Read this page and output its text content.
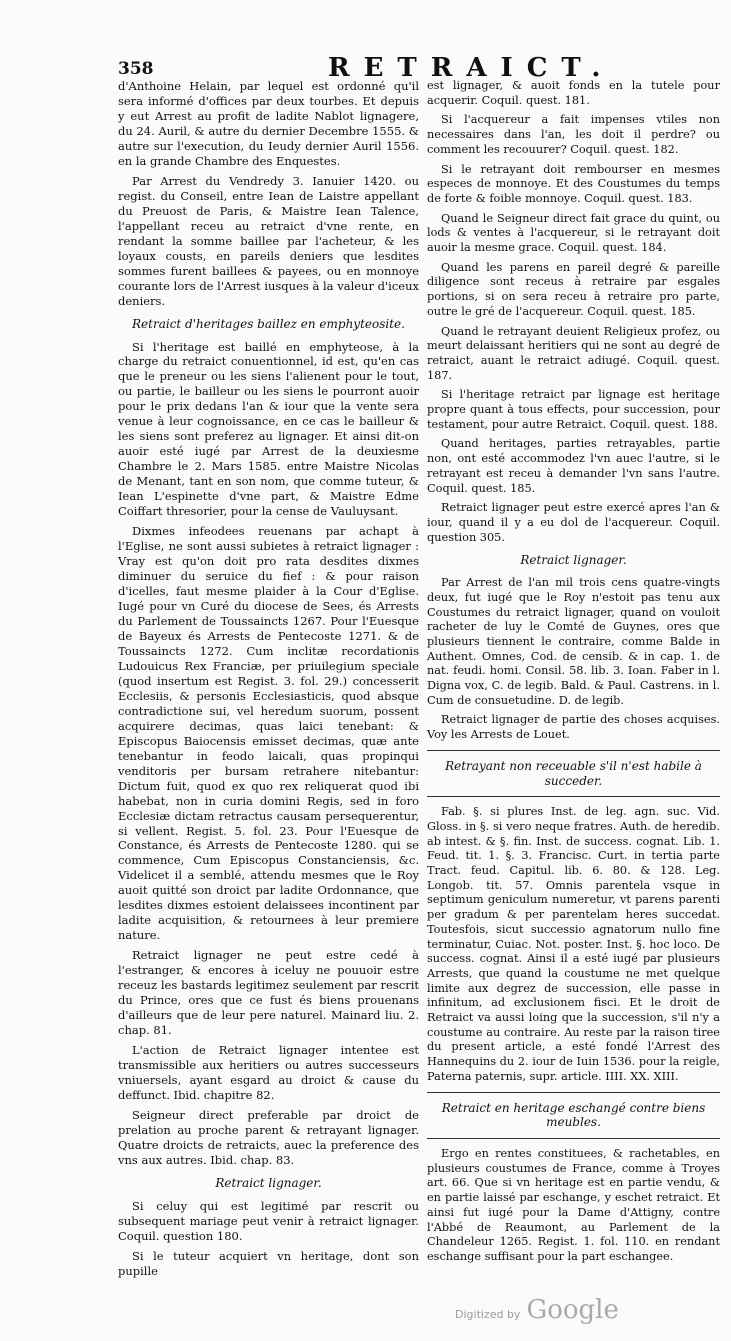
358	RETRAICT.

d'Anthoine Helain, par lequel est ordonné qu'il sera informé d'offices par deux tourbes. Et depuis y eut Arrest au profit de ladite Nablot lignagere, du 24. Auril, & autre du dernier Decembre 1555. & autre sur l'execution, du Ieudy dernier Auril 1556. en la grande Chambre des Enquestes.

Par Arrest du Vendredy 3. Ianuier 1420. ou regist. du Conseil, entre Iean de Laistre appellant du Preuost de Paris, & Maistre Iean Talence, l'appellant receu au retraict d'vne rente, en rendant la somme baillee par l'acheteur, & les loyaux cousts, en pareils deniers que lesdites sommes furent baillees & payees, ou en monnoye courante lors de l'Arrest iusques à la valeur d'iceux deniers.

Retraict d'heritages baillez en emphyteosite.

Si l'heritage est baillé en emphyteose, à la charge du retraict conuentionnel, id est, qu'en cas que le preneur ou les siens l'alienent pour le tout, ou partie, le bailleur ou les siens le pourront auoir pour le prix dedans l'an & iour que la vente sera venue à leur cognoissance, en ce cas le bailleur & les siens sont preferez au lignager. Et ainsi dit-on auoir esté iugé par Arrest de la deuxiesme Chambre le 2. Mars 1585. entre Maistre Nicolas de Menant, tant en son nom, que comme tuteur, & Iean L'espinette d'vne part, & Maistre Edme Coiffart thresorier, pour la cense de Vauluysant.

Dixmes infeodees reuenans par achapt à l'Eglise, ne sont aussi subietes à retraict lignager : Vray est qu'on doit pro rata desdites dixmes diminuer du seruice du fief : & pour raison d'icelles, faut mesme plaider à la Cour d'Eglise. Iugé pour vn Curé du diocese de Sees, és Arrests du Parlement de Toussaincts 1267. Pour l'Euesque de Bayeux és Arrests de Pentecoste 1271. & de Toussaincts 1272. Cum inclitæ recordationis Ludouicus Rex Franciæ, per priuilegium speciale (quod insertum est Regist. 3. fol. 29.) concesserit Ecclesiis, & personis Ecclesiasticis, quod absque contradictione sui, vel heredum suorum, possent acquirere decimas, quas laici tenebant: & Episcopus Baiocensis emisset decimas, quæ ante tenebantur in feodo laicali, quas propinqui venditoris per bursam retrahere nitebantur: Dictum fuit, quod ex quo rex reliquerat quod ibi habebat, non in curia domini Regis, sed in foro Ecclesiæ dictam retractus causam persequerentur, si vellent. Regist. 5. fol. 23. Pour l'Euesque de Constance, és Arrests de Pentecoste 1280. qui se commence, Cum Episcopus Constanciensis, &c. Videlicet il a semblé, attendu mesmes que le Roy auoit quitté son droict par ladite Ordonnance, que lesdites dixmes estoient delaissees incontinent par ladite acquisition, & retournees à leur premiere nature.

Retraict lignager ne peut estre cedé à l'estranger, & encores à iceluy ne pouuoir estre receuz les bastards legitimez seulement par rescrit du Prince, ores que ce fust és biens prouenans d'ailleurs que de leur pere naturel. Mainard liu. 2. chap. 81.

L'action de Retraict lignager intentee est transmissible aux heritiers ou autres successeurs vniuersels, ayant esgard au droict & cause du deffunct. Ibid. chapitre 82.

Seigneur direct preferable par droict de prelation au proche parent & retrayant lignager. Quatre droicts de retraicts, auec la preference des vns aux autres. Ibid. chap. 83.

Retraict lignager.

Si celuy qui est legitimé par rescrit ou subsequent mariage peut venir à retraict lignager. Coquil. question 180.

Si le tuteur acquiert vn heritage, dont son pupille

est lignager, & auoit fonds en la tutele pour acquerir. Coquil. quest. 181.

Si l'acquereur a fait impenses vtiles non necessaires dans l'an, les doit il perdre? ou comment les recouurer? Coquil. quest. 182.

Si le retrayant doit rembourser en mesmes especes de monnoye. Et des Coustumes du temps de forte & foible monnoye. Coquil. quest. 183.

Quand le Seigneur direct fait grace du quint, ou lods & ventes à l'acquereur, si le retrayant doit auoir la mesme grace. Coquil. quest. 184.

Quand les parens en pareil degré & pareille diligence sont receus à retraire par esgales portions, si on sera receu à retraire pro parte, outre le gré de l'acquereur. Coquil. quest. 185.

Quand le retrayant deuient Religieux profez, ou meurt delaissant heritiers qui ne sont au degré de retraict, auant le retraict adiugé. Coquil. quest. 187.

Si l'heritage retraict par lignage est heritage propre quant à tous effects, pour succession, pour testament, pour autre Retraict. Coquil. quest. 188.

Quand heritages, parties retrayables, partie non, ont esté accommodez l'vn auec l'autre, si le retrayant est receu à demander l'vn sans l'autre. Coquil. quest. 185.

Retraict lignager peut estre exercé apres l'an & iour, quand il y a eu dol de l'acquereur. Coquil. question 305.

Retraict lignager.

Par Arrest de l'an mil trois cens quatre-vingts deux, fut iugé que le Roy n'estoit pas tenu aux Coustumes du retraict lignager, quand on vouloit racheter de luy le Comté de Guynes, ores que plusieurs tiennent le contraire, comme Balde in Authent. Omnes, Cod. de censib. & in cap. 1. de nat. feudi. homi. Consil. 58. lib. 3. Ioan. Faber in l. Digna vox, C. de legib. Bald. & Paul. Castrens. in l. Cum de consuetudine. D. de legib.

Retraict lignager de partie des choses acquises. Voy les Arrests de Louet.

Retrayant non receuable s'il n'est habile à succeder.

Fab. §. si plures Inst. de leg. agn. suc. Vid. Gloss. in §. si vero neque fratres. Auth. de heredib. ab intest. & §. fin. Inst. de success. cognat. Lib. 1. Feud. tit. 1. §. 3. Francisc. Curt. in tertia parte Tract. feud. Capitul. lib. 6. 80. & 128. Leg. Longob. tit. 57. Omnis parentela vsque in septimum geniculum numeretur, vt parens parenti per gradum & per parentelam heres succedat. Toutesfois, sicut successio agnatorum nullo fine terminatur, Cuiac. Not. poster. Inst. §. hoc loco. De success. cognat. Ainsi il a esté iugé par plusieurs Arrests, que quand la coustume ne met quelque limite aux degrez de succession, elle passe in infinitum, ad exclusionem fisci. Et le droit de Retraict va aussi loing que la succession, s'il n'y a coustume au contraire. Au reste par la raison tiree du present article, a esté fondé l'Arrest des Hannequins du 2. iour de Iuin 1536. pour la reigle, Paterna paternis, supr. article. IIII. XX. XIII.

Retraict en heritage eschangé contre biens meubles.

Ergo en rentes constituees, & rachetables, en plusieurs coustumes de France, comme à Troyes art. 66. Que si vn heritage est en partie vendu, & en partie laissé par eschange, y eschet retraict. Et ainsi fut iugé pour la Dame d'Attigny, contre l'Abbé de Reaumont, au Parlement de la Chandeleur 1265. Regist. 1. fol. 110. en rendant eschange suffisant pour la part eschangee.

Digitized by Google
